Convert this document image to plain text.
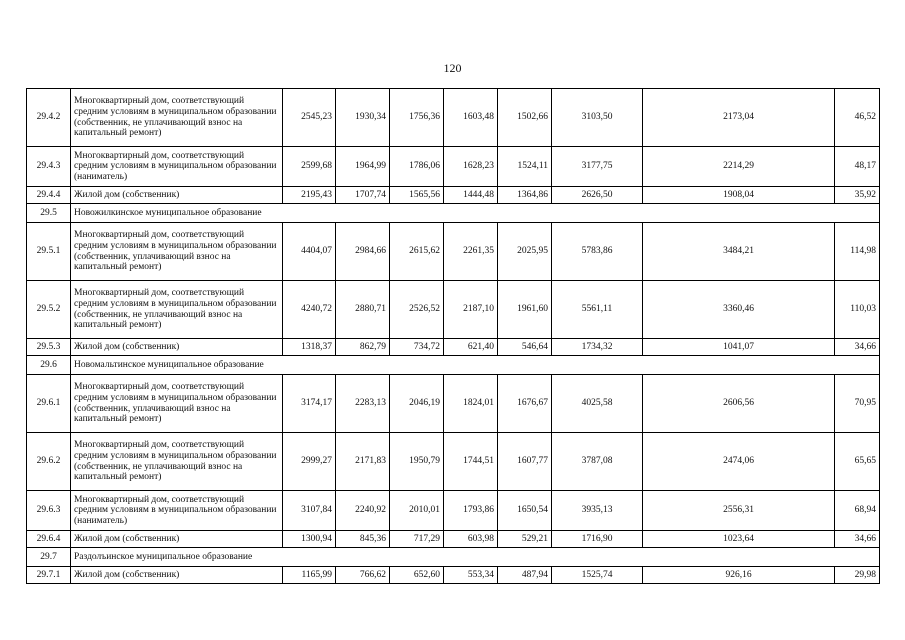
120
29.4.2	Многоквартирный дом, соответствующий средним условиям в муниципальном образовании (собственник, не уплачивающий взнос на капитальный ремонт)	2545,23	1930,34	1756,36	1603,48	1502,66	3103,50	2173,04	46,52
29.4.3	Многоквартирный дом, соответствующий средним условиям в муниципальном образовании (наниматель)	2599,68	1964,99	1786,06	1628,23	1524,11	3177,75	2214,29	48,17
29.4.4	Жилой дом (собственник)	2195,43	1707,74	1565,56	1444,48	1364,86	2626,50	1908,04	35,92
29.5	Новожилкинское муниципальное образование								
29.5.1	Многоквартирный дом, соответствующий средним условиям в муниципальном образовании (собственник, уплачивающий взнос на капитальный ремонт)	4404,07	2984,66	2615,62	2261,35	2025,95	5783,86	3484,21	114,98
29.5.2	Многоквартирный дом, соответствующий средним условиям в муниципальном образовании (собственник, не уплачивающий взнос на капитальный ремонт)	4240,72	2880,71	2526,52	2187,10	1961,60	5561,11	3360,46	110,03
29.5.3	Жилой дом (собственник)	1318,37	862,79	734,72	621,40	546,64	1734,32	1041,07	34,66
29.6	Новомальтинское муниципальное образование								
29.6.1	Многоквартирный дом, соответствующий средним условиям в муниципальном образовании (собственник, уплачивающий взнос на капитальный ремонт)	3174,17	2283,13	2046,19	1824,01	1676,67	4025,58	2606,56	70,95
29.6.2	Многоквартирный дом, соответствующий средним условиям в муниципальном образовании (собственник, не уплачивающий взнос на капитальный ремонт)	2999,27	2171,83	1950,79	1744,51	1607,77	3787,08	2474,06	65,65
29.6.3	Многоквартирный дом, соответствующий средним условиям в муниципальном образовании (наниматель)	3107,84	2240,92	2010,01	1793,86	1650,54	3935,13	2556,31	68,94
29.6.4	Жилой дом (собственник)	1300,94	845,36	717,29	603,98	529,21	1716,90	1023,64	34,66
29.7	Раздолъинское муниципальное образование								
29.7.1	Жилой дом (собственник)	1165,99	766,62	652,60	553,34	487,94	1525,74	926,16	29,98
